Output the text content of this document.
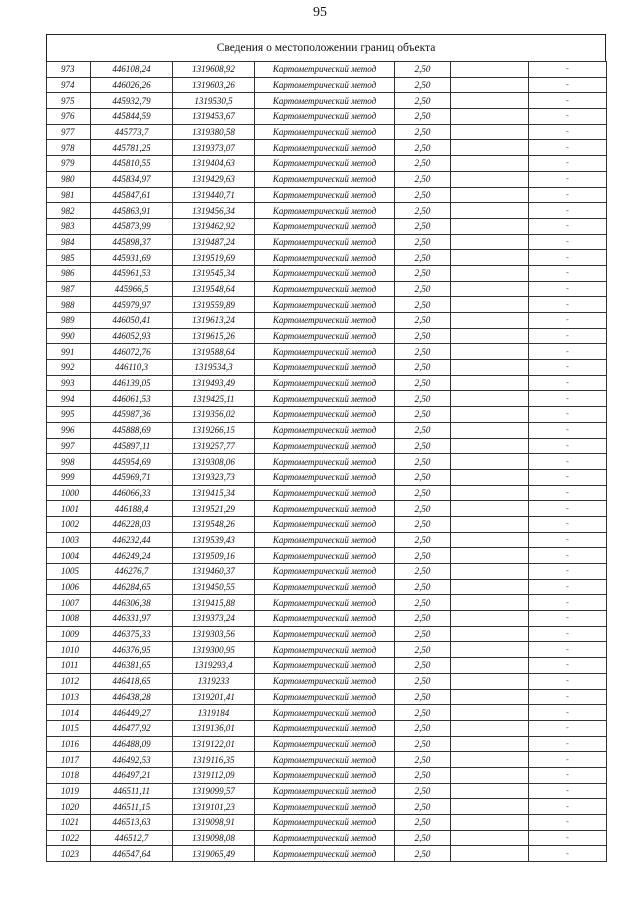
95
Сведения о местоположении границ объекта
973	446108,24	1319608,92	Картометрический метод	2,50		-
974	446026,26	1319603,26	Картометрический метод	2,50		-
975	445932,79	1319530,5	Картометрический метод	2,50		-
976	445844,59	1319453,67	Картометрический метод	2,50		-
977	445773,7	1319380,58	Картометрический метод	2,50		-
978	445781,25	1319373,07	Картометрический метод	2,50		-
979	445810,55	1319404,63	Картометрический метод	2,50		-
980	445834,97	1319429,63	Картометрический метод	2,50		-
981	445847,61	1319440,71	Картометрический метод	2,50		-
982	445863,91	1319456,34	Картометрический метод	2,50		-
983	445873,99	1319462,92	Картометрический метод	2,50		-
984	445898,37	1319487,24	Картометрический метод	2,50		-
985	445931,69	1319519,69	Картометрический метод	2,50		-
986	445961,53	1319545,34	Картометрический метод	2,50		-
987	445966,5	1319548,64	Картометрический метод	2,50		-
988	445979,97	1319559,89	Картометрический метод	2,50		-
989	446050,41	1319613,24	Картометрический метод	2,50		-
990	446052,93	1319615,26	Картометрический метод	2,50		-
991	446072,76	1319588,64	Картометрический метод	2,50		-
992	446110,3	1319534,3	Картометрический метод	2,50		-
993	446139,05	1319493,49	Картометрический метод	2,50		-
994	446061,53	1319425,11	Картометрический метод	2,50		-
995	445987,36	1319356,02	Картометрический метод	2,50		-
996	445888,69	1319266,15	Картометрический метод	2,50		-
997	445897,11	1319257,77	Картометрический метод	2,50		-
998	445954,69	1319308,06	Картометрический метод	2,50		-
999	445969,71	1319323,73	Картометрический метод	2,50		-
1000	446066,33	1319415,34	Картометрический метод	2,50		-
1001	446188,4	1319521,29	Картометрический метод	2,50		-
1002	446228,03	1319548,26	Картометрический метод	2,50		-
1003	446232,44	1319539,43	Картометрический метод	2,50		-
1004	446249,24	1319509,16	Картометрический метод	2,50		-
1005	446276,7	1319460,37	Картометрический метод	2,50		-
1006	446284,65	1319450,55	Картометрический метод	2,50		-
1007	446306,38	1319415,88	Картометрический метод	2,50		-
1008	446331,97	1319373,24	Картометрический метод	2,50		-
1009	446375,33	1319303,56	Картометрический метод	2,50		-
1010	446376,95	1319300,95	Картометрический метод	2,50		-
1011	446381,65	1319293,4	Картометрический метод	2,50		-
1012	446418,65	1319233	Картометрический метод	2,50		-
1013	446438,28	1319201,41	Картометрический метод	2,50		-
1014	446449,27	1319184	Картометрический метод	2,50		-
1015	446477,92	1319136,01	Картометрический метод	2,50		-
1016	446488,09	1319122,01	Картометрический метод	2,50		-
1017	446492,53	1319116,35	Картометрический метод	2,50		-
1018	446497,21	1319112,09	Картометрический метод	2,50		-
1019	446511,11	1319099,57	Картометрический метод	2,50		-
1020	446511,15	1319101,23	Картометрический метод	2,50		-
1021	446513,63	1319098,91	Картометрический метод	2,50		-
1022	446512,7	1319098,08	Картометрический метод	2,50		-
1023	446547,64	1319065,49	Картометрический метод	2,50		-
